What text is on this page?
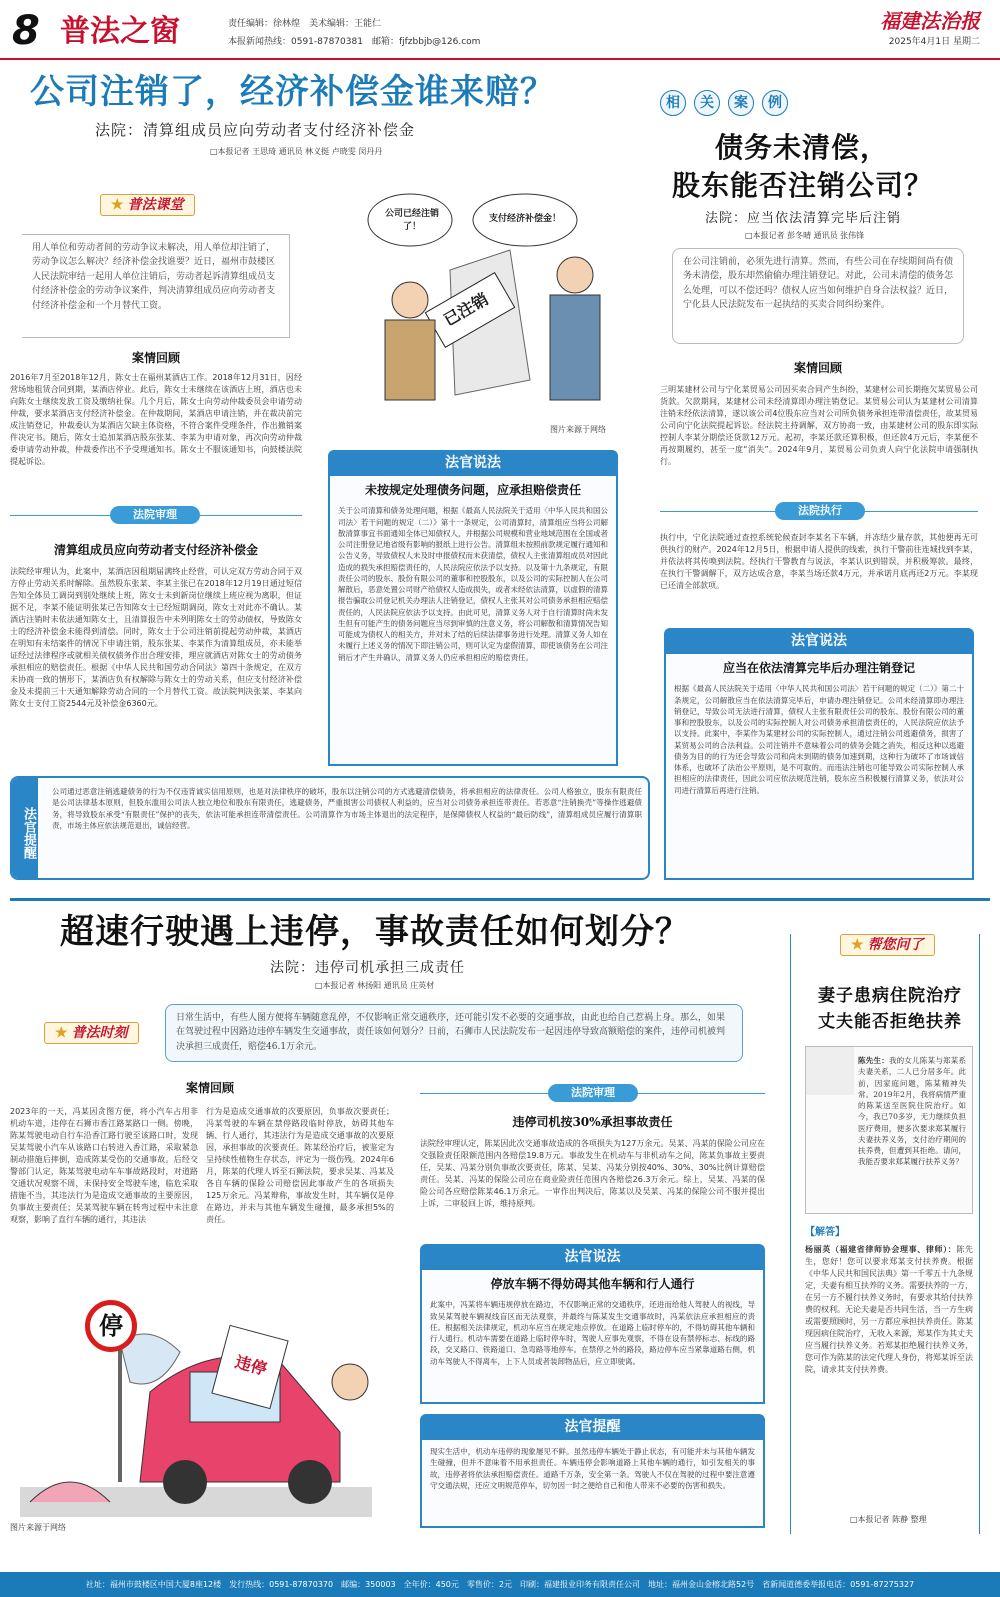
8 普法之窗	责任编辑：徐林煌　美术编辑：王能仁
本报新闻热线：0591-87870381　邮箱：fjfzbbjb@126.com
福建法治报
2025年4月1日 星期二
公司注销了，经济补偿金谁来赔？
法院：清算组成员应向劳动者支付经济补偿金
□本报记者 王思琦 通讯员 林义挺 卢晓雯 闵丹丹
★ 普法课堂
用人单位和劳动者间的劳动争议未解决，用人单位却注销了，劳动争议怎么解决？经济补偿金找谁要？近日，福州市鼓楼区人民法院审结一起用人单位注销后，劳动者起诉清算组成员支付经济补偿金的劳动争议案件，判决清算组成员应向劳动者支付经济补偿金和一个月替代工资。
案情回顾
2016年7月至2018年12月，陈女士在福州某酒店工作。2018年12月31日，因经营场地租赁合同到期，某酒店停业。此后，陈女士未继续在该酒店上班，酒店也未向陈女士继续发放工资及缴纳社保。几个月后，陈女士向劳动仲裁委员会申请劳动仲裁，要求某酒店支付经济补偿金。在仲裁期间，某酒店申请注销，并在裁决前完成注销登记，仲裁委认为某酒店欠缺主体资格，不符合案件受理条件，作出撤销案件决定书。随后，陈女士追加某酒店股东张某、李某为申请对象，再次向劳动仲裁委申请劳动仲裁，仲裁委作出不予受理通知书。陈女士不服该通知书，向鼓楼法院提起诉讼。
法院审理
清算组成员应向劳动者支付经济补偿金
法院经审理认为，此案中，某酒店因租期届满终止经营，可认定双方劳动合同于双方停止劳动关系时解除。虽然股东张某、李某主张已在2018年12月19日通过短信告知全体员工调岗到别处继续上班，陈女士未到新岗位继续上班应视为离职，但证据不足，李某不能证明张某已告知陈女士已经短期调岗，陈女士对此亦不确认。某酒店注销时未依法通知陈女士，且清算报告中未列明陈女士的劳动债权，导致陈女士的经济补偿金未能得到清偿。同时，陈女士于公司注销前提起劳动仲裁，某酒店在明知有未结案件的情况下申请注销，股东张某、李某作为清算组成员，亦未能举证经过法律程序或就相关债权债务作出合理安排，理应就酒店对陈女士的劳动债务承担相应的赔偿责任。根据《中华人民共和国劳动合同法》第四十条规定，在双方未协商一致的情形下，某酒店负有权解除与陈女士的劳动关系，但应支付经济补偿金及未提前三十天通知解除劳动合同的一个月替代工资。故法院判决张某、李某向陈女士支付工资2544元及补偿金6360元。
公司已经注销了！
支付经济补偿金！
已注销
图片来源于网络
法官说法
未按规定处理债务问题，应承担赔偿责任
关于公司清算和债务处理问题，根据《最高人民法院关于适用〈中华人民共和国公司法〉若干问题的规定（二）》第十一条规定，公司清算时，清算组应当将公司解散清算事宜书面通知全体已知债权人，并根据公司规模和营业地域范围在全国或者公司注册登记地省级有影响的报纸上进行公告。清算组未按照前款规定履行通知和公告义务，导致债权人未及时申报债权而未获清偿，债权人主张清算组成员对因此造成的损失承担赔偿责任的，人民法院应依法予以支持。以及第十九条规定，有限责任公司的股东、股份有限公司的董事和控股股东，以及公司的实际控制人在公司解散后，恶意处置公司财产给债权人造成损失，或者未经依法清算，以虚假的清算报告骗取公司登记机关办理法人注销登记，债权人主张其对公司债务承担相应赔偿责任的，人民法院应依法予以支持。由此可见，清算义务人对于自行清算时尚未发生但有可能产生的债务问题应当尽到审慎的注意义务，将公司解散和清算情况告知可能成为债权人的相关方，并对未了结的后续法律事务进行处理。清算义务人如在未履行上述义务的情况下即注销公司，则可认定为虚假清算，即使该债务在公司注销后才产生并确认，清算义务人仍应承担相应的赔偿责任。
相 关 案 例
债务未清偿，
股东能否注销公司？
法院：应当依法清算完毕后注销
□本报记者 彭冬晴 通讯员 张伟锋
在公司注销前，必须先进行清算。然而，有些公司在存续期间尚有债务未清偿，股东却然偷偷办理注销登记。对此，公司未清偿的债务怎么处理，可以不偿还吗？债权人应当如何维护自身合法权益？近日，宁化县人民法院发布一起执结的买卖合同纠纷案件。
案情回顾
三明某建材公司与宁化某贸易公司因买卖合同产生纠纷，某建材公司长期拖欠某贸易公司货款。欠款期间，某建材公司未经清算即办理注销登记。某贸易公司认为某建材公司清算注销未经依法清算，遂以该公司4位股东应当对公司所负债务承担连带清偿责任，故某贸易公司向宁化法院提起诉讼。经法院主持调解，双方协商一致，由某建材公司的股东即实际控制人李某分期偿还货款12万元。起初，李某还款还算积极，但还款4万元后，李某便不再按期履约，甚至一度“消失”。2024年9月，某贸易公司负责人向宁化法院申请强制执行。
法院执行
执行中，宁化法院通过查控系统轮候查封李某名下车辆，并冻结少量存款，其他便再无可供执行的财产。2024年12月5日，根据申请人提供的线索，执行干警前往连城找到李某，并依法将其传唤到法院。经执行干警教育与说法，李某认识到错误，并积极筹款。最终，在执行干警调解下，双方达成合意，李某当场还款4万元，并承诺月底再还2万元。李某现已还清全部款项。
法官说法
应当在依法清算完毕后办理注销登记
根据《最高人民法院关于适用〈中华人民共和国公司法〉若干问题的规定（二）》第二十条规定，公司解散应当在依法清算完毕后，申请办理注销登记。公司未经清算即办理注销登记，导致公司无法进行清算，债权人主张有限责任公司的股东、股份有限公司的董事和控股股东，以及公司的实际控制人对公司债务承担清偿责任的，人民法院应依法予以支持。此案中，李某作为某建材公司的实际控制人，通过注销公司逃避债务，损害了某贸易公司的合法利益。公司注销并不意味着公司的债务会随之消失，相反这种以逃避债务为目的的行为还会导致公司和尚未到期的债务加速到期，这种行为破坏了市场诚信体系，也破坏了法治公平原则，是不可取的。而违法注销也可能导致公司实际控制人承担相应的法律责任，因此公司应依法规范注销，股东应当积极履行清算义务，依法对公司进行清算后再进行注销。
法官提醒
公司通过恶意注销逃避债务的行为不仅违背诚实信用原则，也是对法律秩序的破坏，股东以注销公司的方式逃避清偿债务，将承担相应的法律责任。公司人格独立，股东有限责任是公司法律基本原则，但股东滥用公司法人独立地位和股东有限责任，逃避债务，严重损害公司债权人利益的，应当对公司债务承担连带责任。若恶意“注销换壳”等操作逃避债务，将导致股东承受“有限责任”保护的丧失，依法可能承担连带清偿责任。公司清算作为市场主体退出的法定程序，是保障债权人权益的“最后防线”，清算组成员应履行清算职责，市场主体应依法规范退出，诚信经营。
超速行驶遇上违停，事故责任如何划分？
法院：违停司机承担三成责任
□本报记者 林扬阳 通讯员 庄英材
日常生活中，有些人图方便将车辆随意乱停，不仅影响正常交通秩序，还可能引发不必要的交通事故，由此也给自己惹祸上身。那么，如果在驾驶过程中因路边违停车辆发生交通事故，责任该如何划分？日前，石狮市人民法院发布一起因违停导致高额赔偿的案件，违停司机被判决承担三成责任，赔偿46.1万余元。
★ 普法时刻
案情回顾
2023年的一天，冯某因贪图方便，将小汽车占用非机动车道，违停在石狮市香江路某路口一侧。傍晚，陈某驾驶电动自行车沿香江路行驶至该路口时，发现吴某驾驶小汽车从该路口右转进入香江路，采取紧急制动措施后摔倒，造成陈某受伤的交通事故。后经交警部门认定，陈某驾驶电动车车事故路段时，对道路交通状况观察不周，未保持安全驾驶车速，临危采取措施不当，其违法行为是造成交通事故的主要原因，负事故主要责任；吴某驾驶车辆在转弯过程中未注意观察，影响了直行车辆的通行，其违法
行为是造成交通事故的次要原因，负事故次要责任；冯某驾驶的车辆在禁停路段临时停放，妨碍其他车辆、行人通行，其违法行为是造成交通事故的次要原因，承担事故的次要责任。陈某经治疗后，被鉴定为呈持续性植物生存状态，评定为一级伤残。2024年6月，陈某的代理人诉至石狮法院，要求吴某、冯某及各自车辆的保险公司赔偿因此事故产生的各项损失125万余元。冯某辩称，事故发生时，其车辆仅是停在路边，并未与其他车辆发生碰撞，最多承担5%的责任。
停
违停
图片来源于网络
法院审理
违停司机按30%承担事故责任
法院经审理认定，陈某因此次交通事故造成的各项损失为127万余元。吴某、冯某的保险公司应在交强险责任限额范围内各赔偿19.8万元。事故发生在机动车与非机动车之间，陈某负事故主要责任，吴某、冯某分别负事故次要责任，陈某、吴某、冯某分别按40%、30%、30%比例计算赔偿责任。吴某、冯某的保险公司应在商业险责任范围内各赔偿26.3万余元。综上，吴某、冯某的保险公司各应赔偿陈某46.1万余元。一审作出判决后，陈某以及吴某、冯某的保险公司不服并提出上诉，二审驳回上诉，维持原判。
法官说法
停放车辆不得妨碍其他车辆和行人通行
此案中，冯某将车辆违规停放在路边，不仅影响正常的交通秩序，还进而给他人驾驶人的视线，导致吴某驾驶车辆视线盲区而无法观察，并最终与陈某发生交通事故时，冯某依法应承担相应的责任。根据相关法律规定，机动车应当在规定地点停放。在道路上临时停车的，不得妨碍其他车辆和行人通行。机动车需要在道路上临时停车时，驾驶人应事先观察，不得在设有禁停标志、标线的路段，交叉路口、铁路道口、急弯路等地停车。在禁停之外的路段，路边停车应当紧靠道路右侧，机动车驾驶人不得离车，上下人员或者装卸物品后，应立即驶离。
法官提醒
现实生活中，机动车违停的现象屡见不鲜。虽然违停车辆处于静止状态，有可能并未与其他车辆发生碰撞，但并不意味着不用承担责任。车辆违停会影响道路上其他车辆的通行，如引发相关的事故，违停者将依法承担赔偿责任。道路千万条，安全第一条。驾驶人不仅在驾驶的过程中要注意遵守交通法规，还应文明规范停车，切勿因一时之便给自己和他人带来不必要的伤害和损失。
★ 帮您问了
妻子患病住院治疗
丈夫能否拒绝扶养
陈先生：我的女儿陈某与郑某系夫妻关系，二人已分居多年。此前，因家庭问题，陈某精神失常。2019年2月，我将病情严重的陈某送至医院住院治疗。如今，我已70多岁，无力继续负担医疗费用，便多次要求郑某履行夫妻扶养义务，支付治疗期间的扶养费，但遭到其拒绝。请问，我能否要求郑某履行扶养义务？
【解答】
杨丽英（福建省律师协会理事、律师）：陈先生，您好！您可以要求郑某支付扶养费。根据《中华人民共和国民法典》第一千零五十九条规定，夫妻有相互扶养的义务。需要扶养的一方，在另一方不履行扶养义务时，有要求其给付扶养费的权利。无论夫妻是否共同生活，当一方生病或需要照顾时，另一方都应承担扶养责任。陈某现因病住院治疗，无收入来源，郑某作为其丈夫应当履行扶养义务。若郑某拒绝履行扶养义务，您可作为陈某的法定代理人身份，将郑某诉至法院，请求其支付扶养费。
□本报记者 陈静 整理
社址：福州市鼓楼区中国大厦8座12楼　发行热线：0591-87870370　邮编：350003　全年价：450元　零售价：2元　印刷：福建报业印务有限责任公司　地址：福州金山金榕北路52号　省新闻道德委举报电话：0591-87275327
